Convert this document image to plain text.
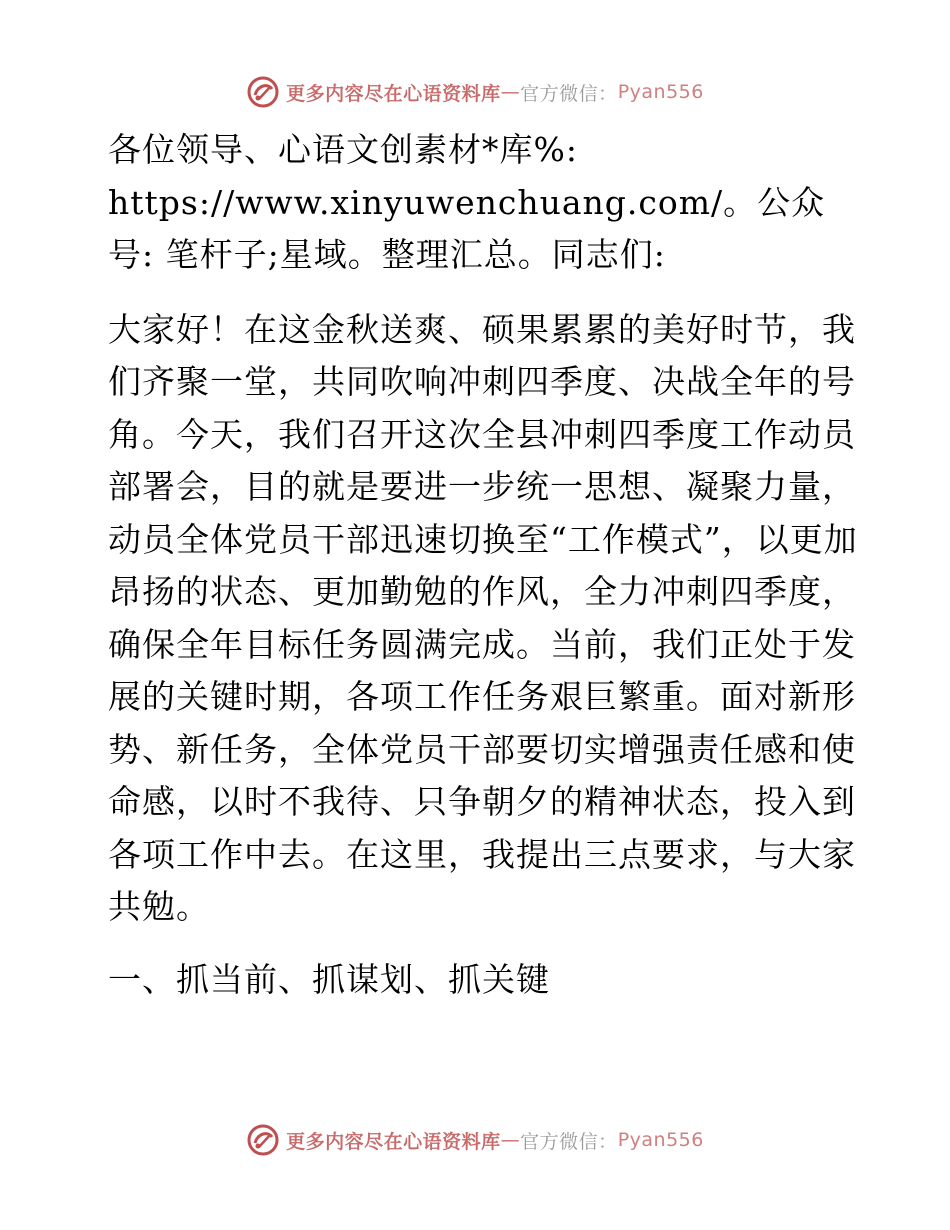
更多内容尽在心语资料库 — 官方微信： Pyan556

各位领导、心语文创素材*库%: https://www.xinyuwenchuang.com/。公众号: 笔杆子;星域。整理汇总。同志们:

大家好！在这金秋送爽、硕果累累的美好时节，我们齐聚一堂，共同吹响冲刺四季度、决战全年的号角。今天，我们召开这次全县冲刺四季度工作动员部署会，目的就是要进一步统一思想、凝聚力量，动员全体党员干部迅速切换至“工作模式”，以更加昂扬的状态、更加勤勉的作风，全力冲刺四季度，确保全年目标任务圆满完成。当前，我们正处于发展的关键时期，各项工作任务艰巨繁重。面对新形势、新任务，全体党员干部要切实增强责任感和使命感，以时不我待、只争朝夕的精神状态，投入到各项工作中去。在这里，我提出三点要求，与大家共勉。

一、抓当前、抓谋划、抓关键

更多内容尽在心语资料库 — 官方微信： Pyan556
